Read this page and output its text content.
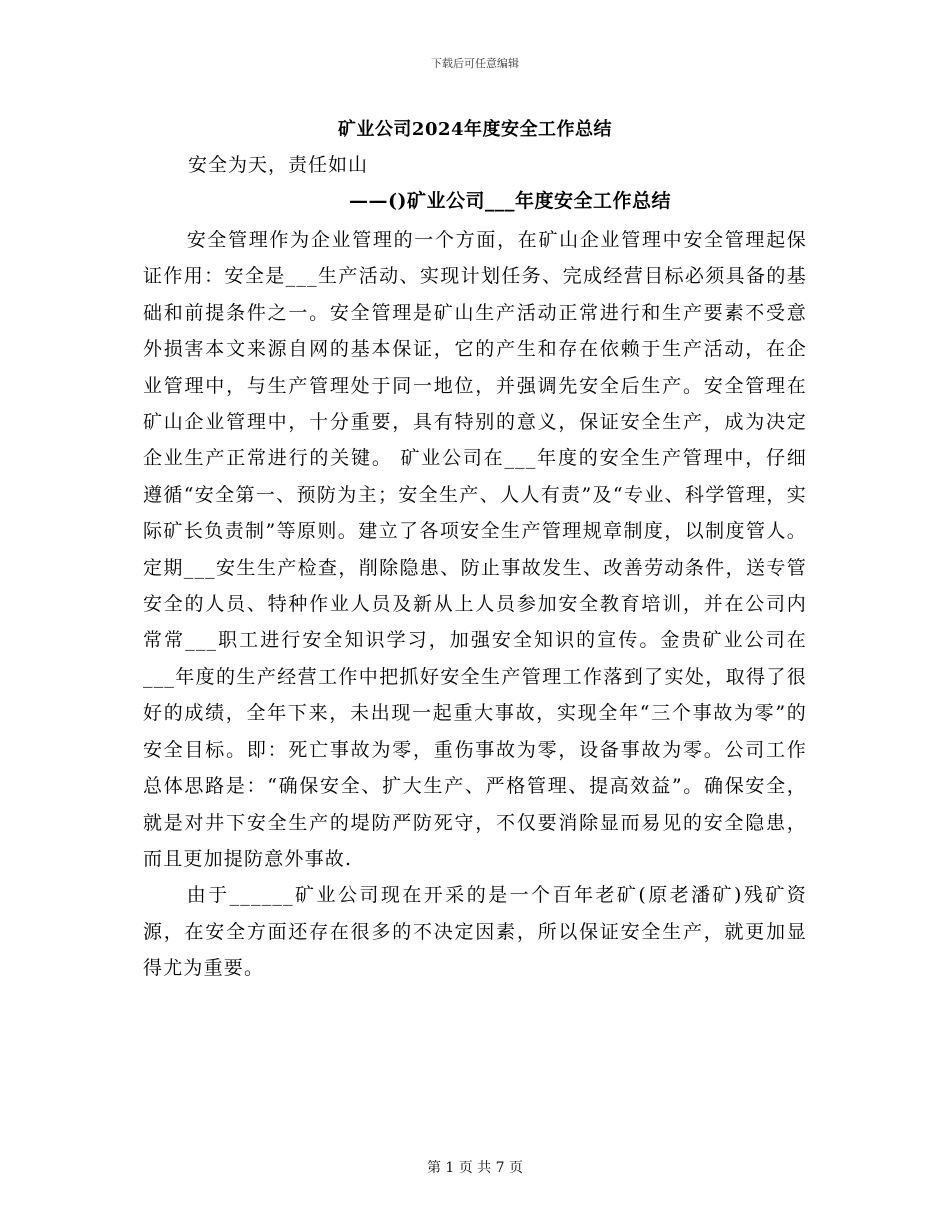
下载后可任意编辑
矿业公司2024年度安全工作总结
安全为天，责任如山
——()矿业公司___年度安全工作总结

安全管理作为企业管理的一个方面，在矿山企业管理中安全管理起保证作用：安全是___生产活动、实现计划任务、完成经营目标必须具备的基础和前提条件之一。安全管理是矿山生产活动正常进行和生产要素不受意外损害本文来源自网的基本保证，它的产生和存在依赖于生产活动，在企业管理中，与生产管理处于同一地位，并强调先安全后生产。安全管理在矿山企业管理中，十分重要，具有特别的意义，保证安全生产，成为决定企业生产正常进行的关键。 矿业公司在___年度的安全生产管理中，仔细遵循“安全第一、预防为主；安全生产、人人有责”及“专业、科学管理，实际矿长负责制”等原则。建立了各项安全生产管理规章制度，以制度管人。定期___安生生产检查，削除隐患、防止事故发生、改善劳动条件，送专管安全的人员、特种作业人员及新从上人员参加安全教育培训，并在公司内常常___职工进行安全知识学习，加强安全知识的宣传。金贵矿业公司在___年度的生产经营工作中把抓好安全生产管理工作落到了实处，取得了很好的成绩，全年下来，未出现一起重大事故，实现全年“三个事故为零”的安全目标。即：死亡事故为零，重伤事故为零，设备事故为零。公司工作总体思路是：“确保安全、扩大生产、严格管理、提高效益”。确保安全，就是对井下安全生产的堤防严防死守，不仅要消除显而易见的安全隐患，而且更加提防意外事故.

由于______矿业公司现在开采的是一个百年老矿(原老潘矿)残矿资源，在安全方面还存在很多的不决定因素，所以保证安全生产，就更加显得尤为重要。

第 1 页 共 7 页
